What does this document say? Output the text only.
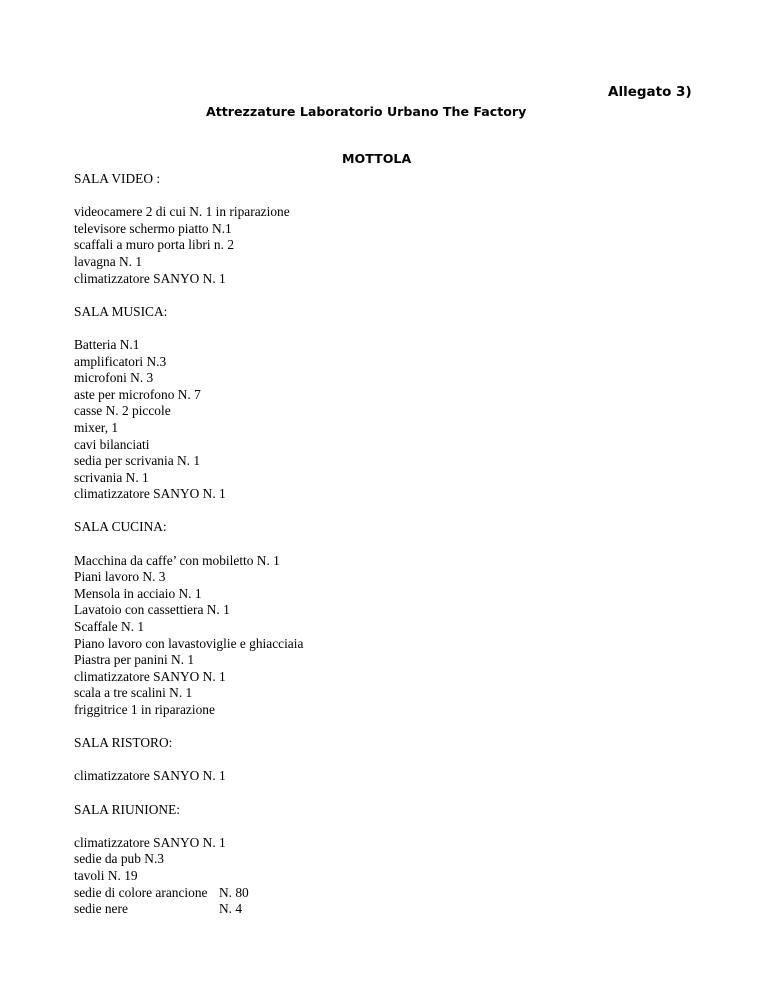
Allegato 3)
Attrezzature Laboratorio Urbano The Factory
MOTTOLA
SALA VIDEO :
videocamere 2 di cui N. 1 in riparazione
televisore schermo piatto N.1
scaffali a muro porta libri n. 2
lavagna N. 1
climatizzatore SANYO N. 1
SALA MUSICA:
Batteria N.1
amplificatori N.3
microfoni N. 3
aste per microfono N. 7
casse N. 2 piccole
mixer, 1
cavi bilanciati
sedia per scrivania N. 1
scrivania N. 1
climatizzatore SANYO N. 1
SALA CUCINA:
Macchina da caffe’ con mobiletto N. 1
Piani lavoro N. 3
Mensola in acciaio N. 1
Lavatoio con cassettiera N. 1
Scaffale N. 1
Piano lavoro con lavastoviglie e ghiacciaia
Piastra per panini N. 1
climatizzatore SANYO N. 1
scala a tre scalini N. 1
friggitrice 1 in riparazione
SALA RISTORO:
climatizzatore SANYO N. 1
SALA RIUNIONE:
climatizzatore SANYO N. 1
sedie da pub N.3
tavoli N. 19
sedie di colore arancione N. 80
sedie nere	N. 4
